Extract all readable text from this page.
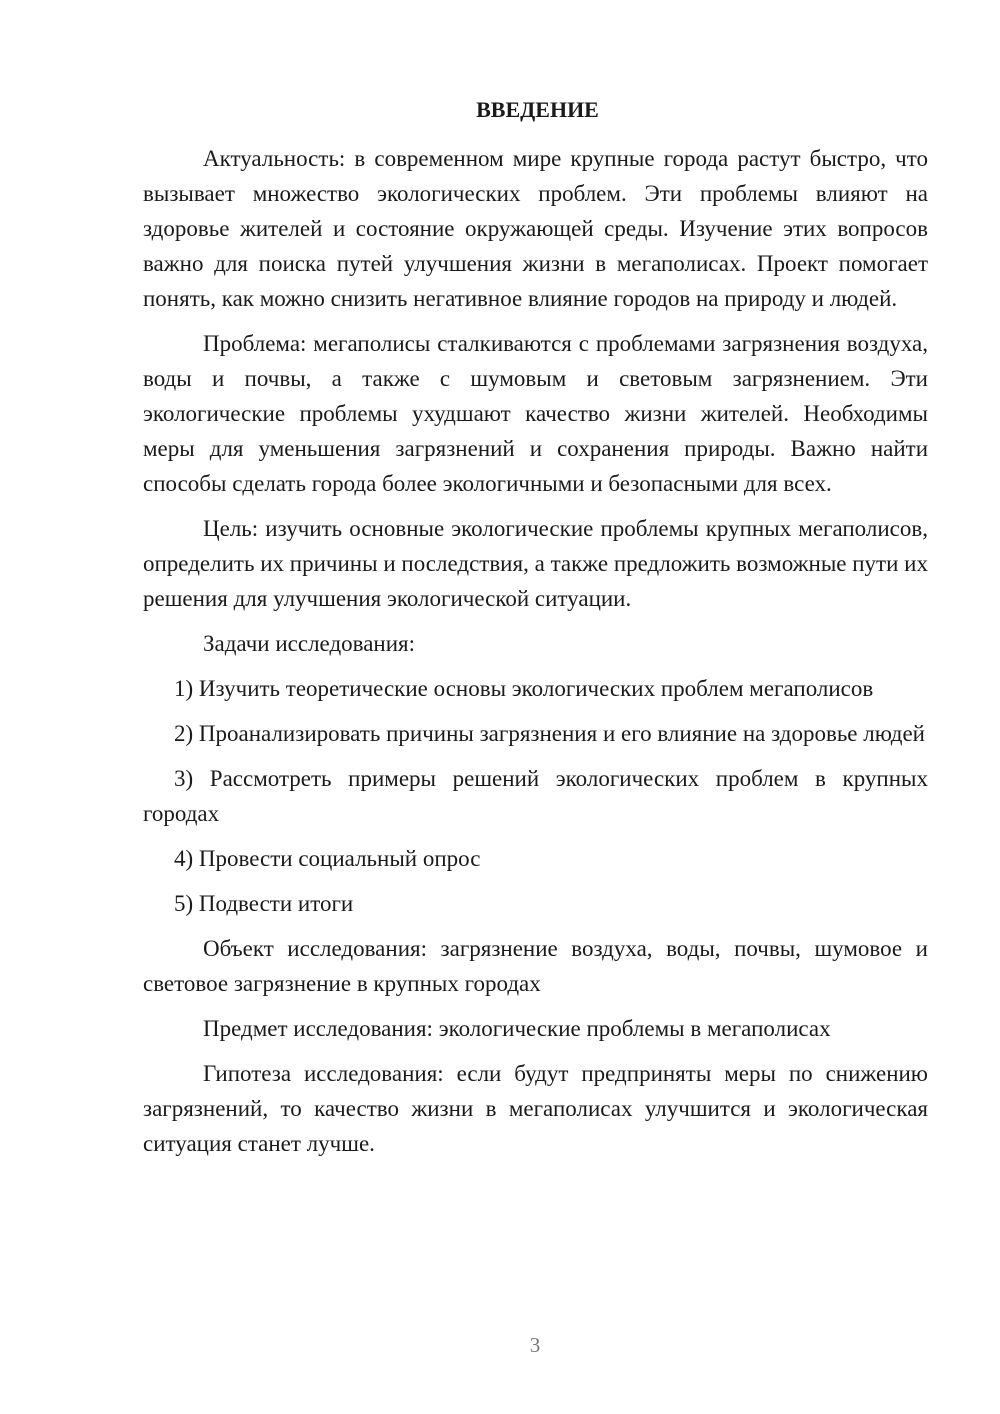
ВВЕДЕНИЕ

Актуальность: в современном мире крупные города растут быстро, что вызывает множество экологических проблем. Эти проблемы влияют на здоровье жителей и состояние окружающей среды. Изучение этих вопросов важно для поиска путей улучшения жизни в мегаполисах. Проект помогает понять, как можно снизить негативное влияние городов на природу и людей.

Проблема: мегаполисы сталкиваются с проблемами загрязнения воздуха, воды и почвы, а также с шумовым и световым загрязнением. Эти экологические проблемы ухудшают качество жизни жителей. Необходимы меры для уменьшения загрязнений и сохранения природы. Важно найти способы сделать города более экологичными и безопасными для всех.

Цель: изучить основные экологические проблемы крупных мегаполисов, определить их причины и последствия, а также предложить возможные пути их решения для улучшения экологической ситуации.

Задачи исследования:

1) Изучить теоретические основы экологических проблем мегаполисов

2) Проанализировать причины загрязнения и его влияние на здоровье людей

3) Рассмотреть примеры решений экологических проблем в крупных городах

4) Провести социальный опрос

5) Подвести итоги

Объект исследования: загрязнение воздуха, воды, почвы, шумовое и световое загрязнение в крупных городах

Предмет исследования: экологические проблемы в мегаполисах

Гипотеза исследования: если будут предприняты меры по снижению загрязнений, то качество жизни в мегаполисах улучшится и экологическая ситуация станет лучше.

3
